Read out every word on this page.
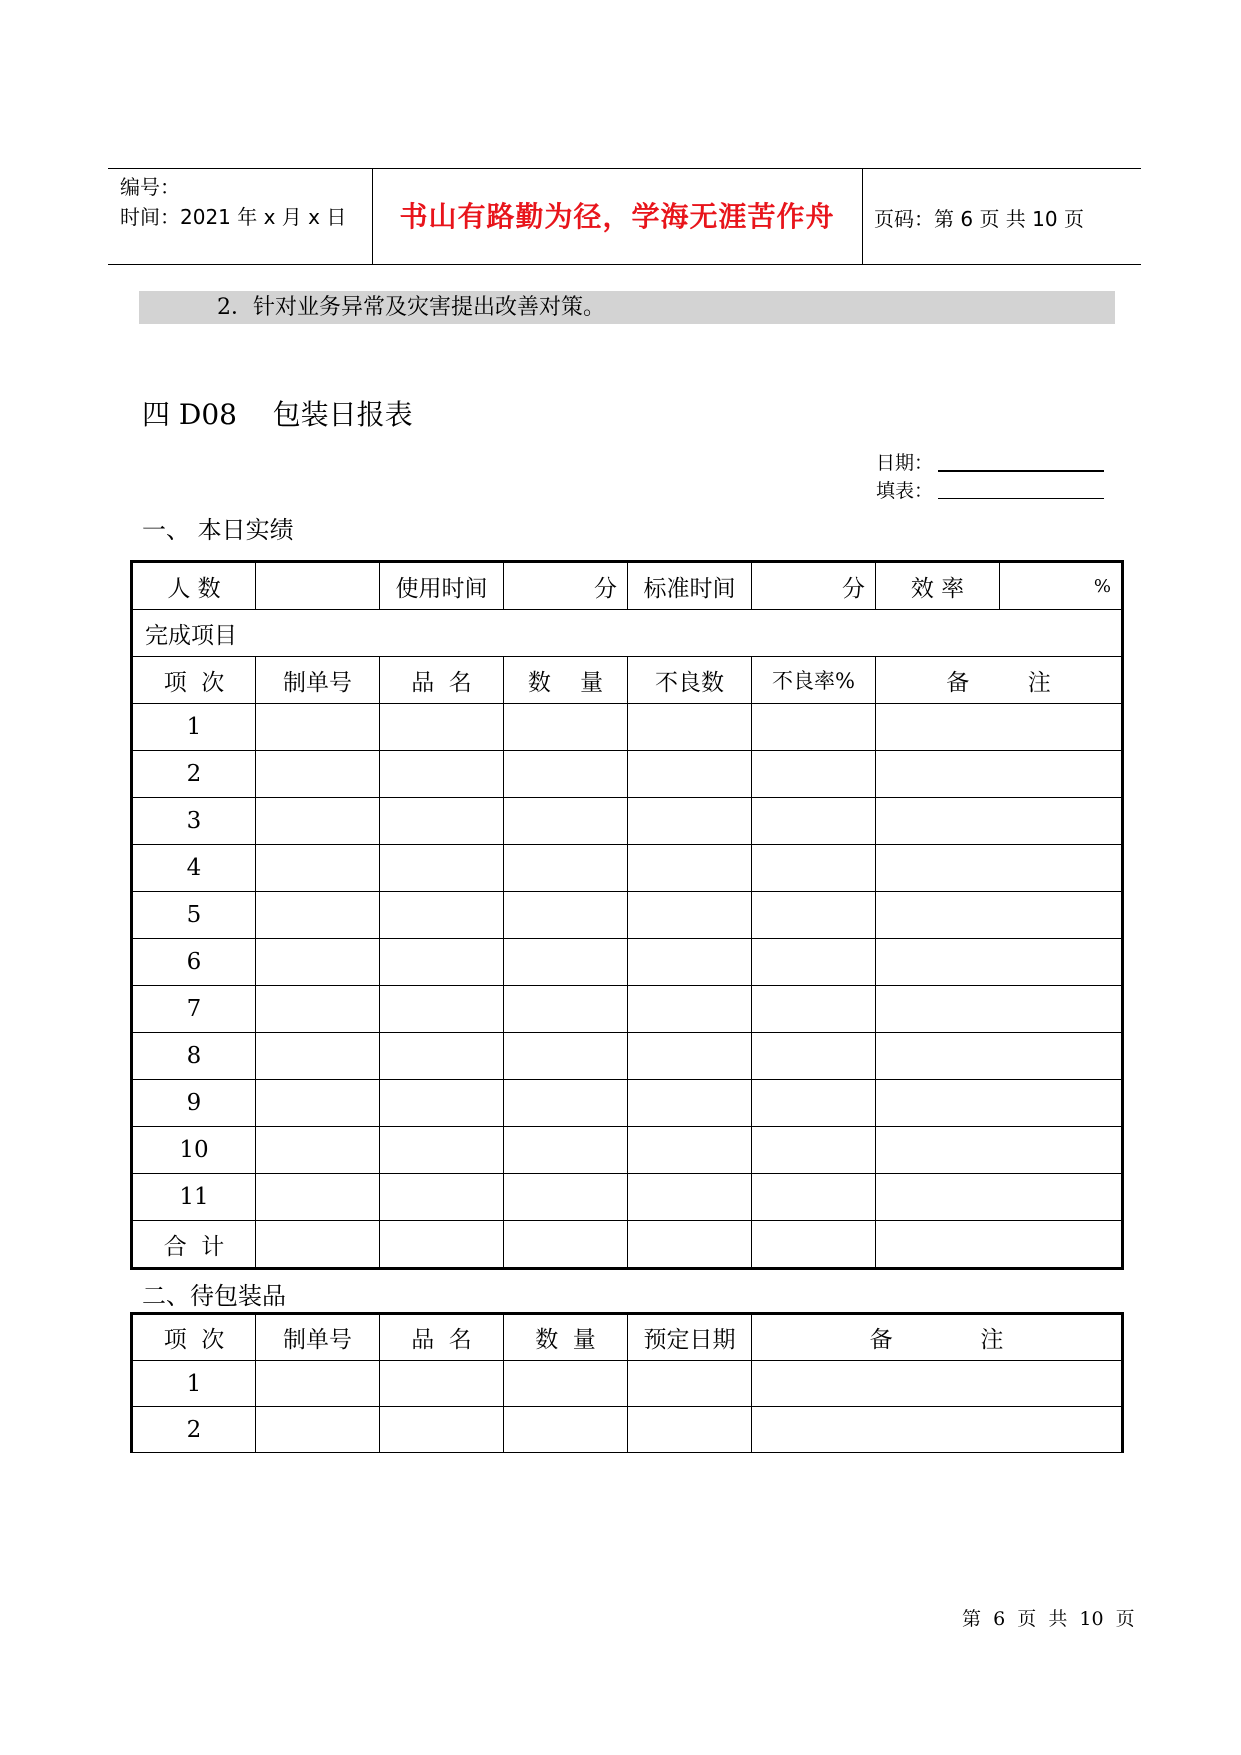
编号：
时间：2021 年 x 月 x 日	书山有路勤为径，学海无涯苦作舟	页码：第 6 页 共 10 页
2．针对业务异常及灾害提出改善对策。
四 D08    包装日报表
日期：
填表：
一、 本日实绩
人 数		使用时间	分	标准时间	分	效 率	%
完成项目							
项  次	制单号	品  名	数    量	不良数	不良率%	备        注	
1							
2							
3							
4							
5							
6							
7							
8							
9							
10							
11							
合  计							
二、待包装品
项  次	制单号	品  名	数  量	预定日期	备            注
1					
2					
第  6  页  共  10  页
